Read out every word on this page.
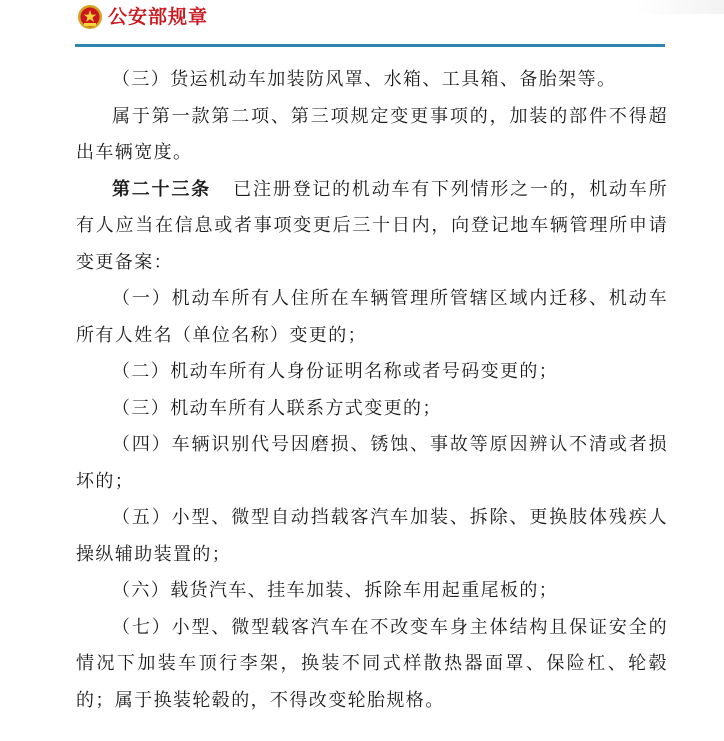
公安部规章

（三）货运机动车加装防风罩、水箱、工具箱、备胎架等。

属于第一款第二项、第三项规定变更事项的，加装的部件不得超出车辆宽度。

第二十三条 已注册登记的机动车有下列情形之一的，机动车所有人应当在信息或者事项变更后三十日内，向登记地车辆管理所申请变更备案：

（一）机动车所有人住所在车辆管理所管辖区域内迁移、机动车所有人姓名（单位名称）变更的；

（二）机动车所有人身份证明名称或者号码变更的；

（三）机动车所有人联系方式变更的；

（四）车辆识别代号因磨损、锈蚀、事故等原因辨认不清或者损坏的；

（五）小型、微型自动挡载客汽车加装、拆除、更换肢体残疾人操纵辅助装置的；

（六）载货汽车、挂车加装、拆除车用起重尾板的；

（七）小型、微型载客汽车在不改变车身主体结构且保证安全的情况下加装车顶行李架，换装不同式样散热器面罩、保险杠、轮毂的；属于换装轮毂的，不得改变轮胎规格。
